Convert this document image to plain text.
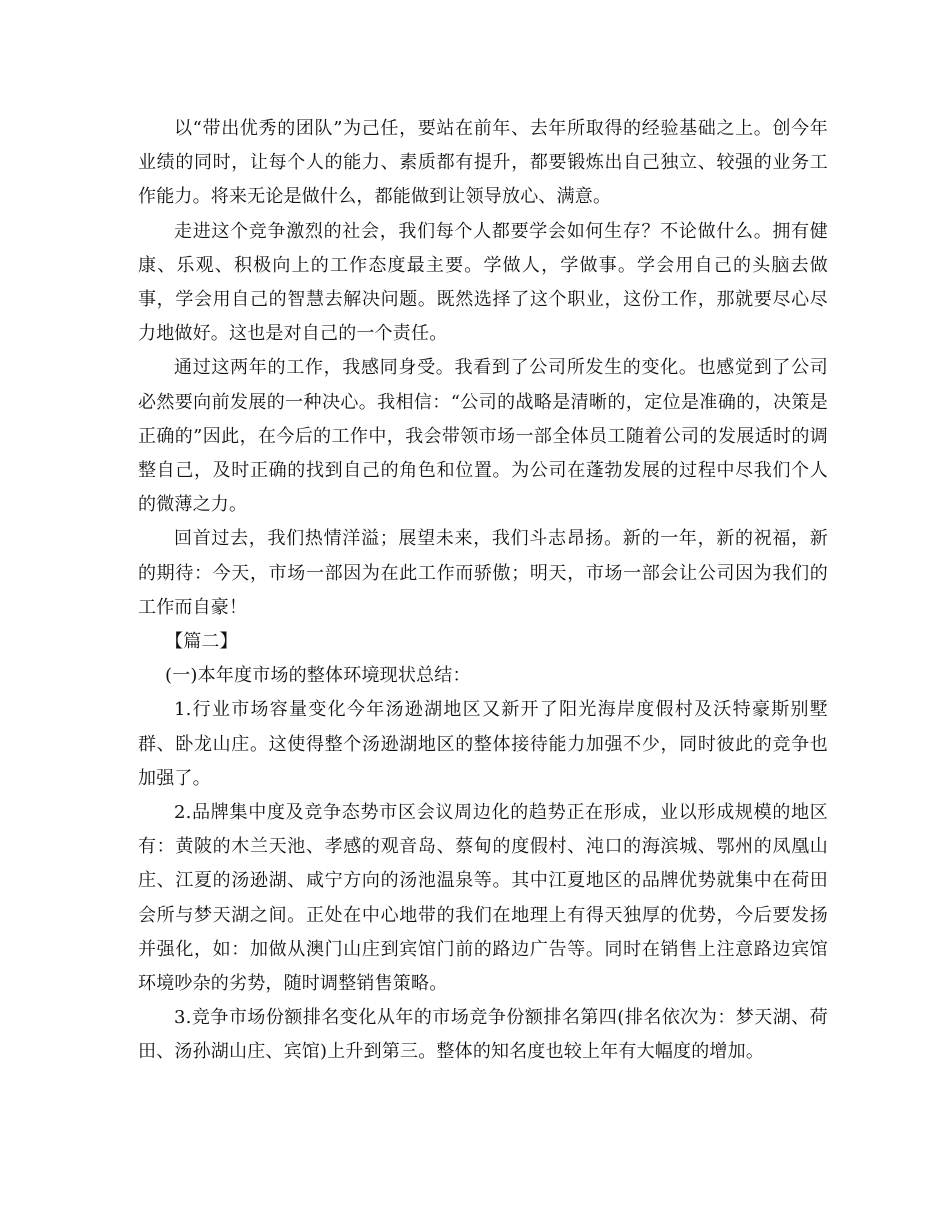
以“带出优秀的团队”为己任，要站在前年、去年所取得的经验基础之上。创今年业绩的同时，让每个人的能力、素质都有提升，都要锻炼出自己独立、较强的业务工作能力。将来无论是做什么，都能做到让领导放心、满意。

走进这个竞争激烈的社会，我们每个人都要学会如何生存？不论做什么。拥有健康、乐观、积极向上的工作态度最主要。学做人，学做事。学会用自己的头脑去做事，学会用自己的智慧去解决问题。既然选择了这个职业，这份工作，那就要尽心尽力地做好。这也是对自己的一个责任。

通过这两年的工作，我感同身受。我看到了公司所发生的变化。也感觉到了公司必然要向前发展的一种决心。我相信：“公司的战略是清晰的，定位是准确的，决策是正确的”因此，在今后的工作中，我会带领市场一部全体员工随着公司的发展适时的调整自己，及时正确的找到自己的角色和位置。为公司在蓬勃发展的过程中尽我们个人的微薄之力。

回首过去，我们热情洋溢；展望未来，我们斗志昂扬。新的一年，新的祝福，新的期待：今天，市场一部因为在此工作而骄傲；明天，市场一部会让公司因为我们的工作而自豪！

【篇二】

(一)本年度市场的整体环境现状总结：

1.行业市场容量变化今年汤逊湖地区又新开了阳光海岸度假村及沃特豪斯别墅群、卧龙山庄。这使得整个汤逊湖地区的整体接待能力加强不少，同时彼此的竞争也加强了。

2.品牌集中度及竞争态势市区会议周边化的趋势正在形成，业以形成规模的地区有：黄陂的木兰天池、孝感的观音岛、蔡甸的度假村、沌口的海滨城、鄂州的凤凰山庄、江夏的汤逊湖、咸宁方向的汤池温泉等。其中江夏地区的品牌优势就集中在荷田会所与梦天湖之间。正处在中心地带的我们在地理上有得天独厚的优势，今后要发扬并强化，如：加做从澳门山庄到宾馆门前的路边广告等。同时在销售上注意路边宾馆环境吵杂的劣势，随时调整销售策略。

3.竞争市场份额排名变化从年的市场竞争份额排名第四(排名依次为：梦天湖、荷田、汤孙湖山庄、宾馆)上升到第三。整体的知名度也较上年有大幅度的增加。
